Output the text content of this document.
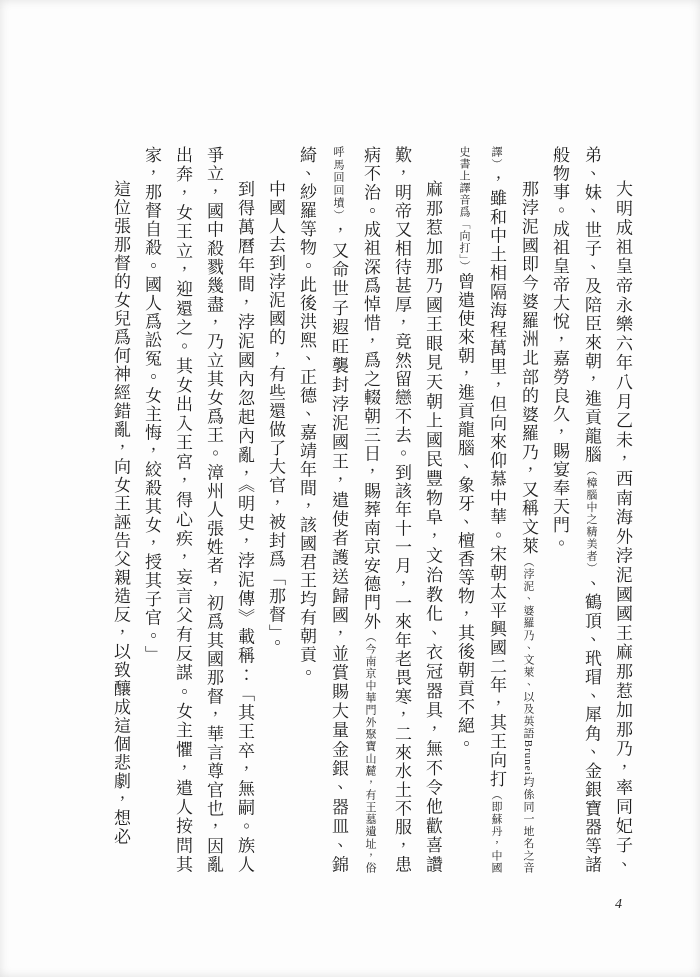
大明成祖皇帝永樂六年八月乙未，西南海外浡泥國國王麻那惹加那乃，率同妃子、弟、妹、世子、及陪臣來朝，進貢龍腦（樟腦中之精美者）、鶴頂、玳瑁、犀角、金銀寶器等諸般物事。成祖皇帝大悅，嘉勞良久，賜宴奉天門。

那浡泥國即今婆羅洲北部的婆羅乃，又稱文萊（浡泥、婆羅乃、文萊、以及英語Brunei均係同一地名之音譯），雖和中土相隔海程萬里，但向來仰慕中華。宋朝太平興國二年，其王向打（即蘇丹，中國史書上譯音爲「向打」）曾遣使來朝，進貢龍腦、象牙、檀香等物，其後朝貢不絕。

麻那惹加那乃國王眼見天朝上國民豐物阜，文治教化、衣冠器具，無不令他歡喜讚歎，明帝又相待甚厚，竟然留戀不去。到該年十一月，一來年老畏寒，二來水土不服，患病不治。成祖深爲悼惜，爲之輟朝三日，賜葬南京安德門外（今南京中華門外聚寶山麓，有王墓遺址，俗呼馬回回墳），又命世子遐旺襲封浡泥國王，遣使者護送歸國，並賞賜大量金銀、器皿、錦綺、紗羅等物。此後洪熙、正德、嘉靖年間，該國君王均有朝貢。

中國人去到浡泥國的，有些還做了大官，被封爲「那督」。

到得萬曆年間，浡泥國內忽起內亂，《明史，浡泥傳》載稱：「其王卒，無嗣。族人爭立，國中殺戮幾盡，乃立其女爲王。漳州人張姓者，初爲其國那督，華言尊官也，因亂出奔，女王立，迎還之。其女出入王宮，得心疾，妄言父有反謀。女主懼，遣人按問其家，那督自殺。國人爲訟冤。女主悔，絞殺其女，授其子官。」

這位張那督的女兒爲何神經錯亂，向女王誣告父親造反，以致釀成這個悲劇，想必

4
